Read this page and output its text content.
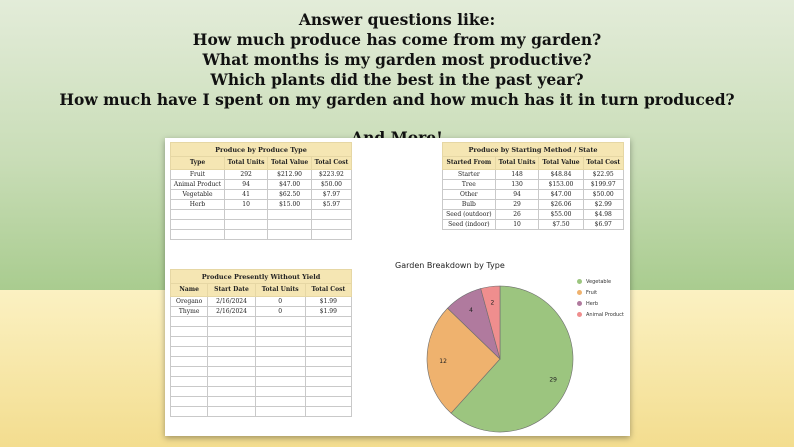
Answer questions like:
How much produce has come from my garden?
What months is my garden most productive?
Which plants did the best in the past year?
How much have I spent on my garden and how much has it in turn produced?
Produce by Produce Type			
Type	Total Units	Total Value	Total Cost
Fruit	292	$212.90	$223.92
Animal Product	94	$47.00	$50.00
Vegetable	41	$62.50	$7.97
Herb	10	$15.00	$5.97

Produce by Starting Method / State			
Started From	Total Units	Total Value	Total Cost
Starter	148	$48.84	$22.95
Tree	130	$153.00	$199.97
Other	94	$47.00	$50.00
Bulb	29	$26.06	$2.99
Seed (outdoor)	26	$55.00	$4.98
Seed (indoor)	10	$7.50	$6.97
Produce Presently Without Yield			
Name	Start Date	Total Units	Total Cost
Oregano	2/16/2024	0	$1.99
Thyme	2/16/2024	0	$1.99

Garden Breakdown by Type
29
12
4
2
Vegetable
Fruit
Herb
Animal Product
